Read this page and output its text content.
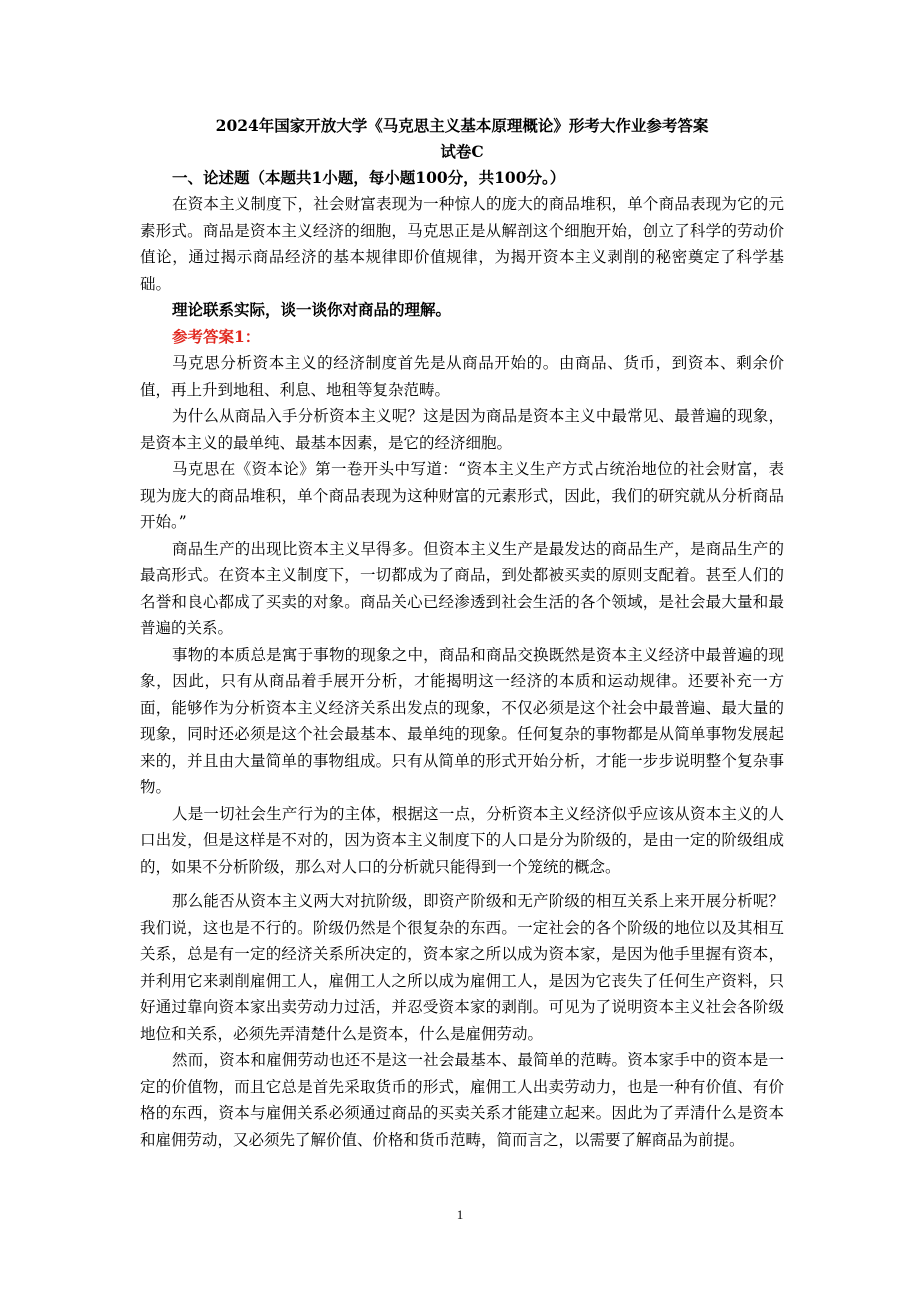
2024年国家开放大学《马克思主义基本原理概论》形考大作业参考答案
试卷C
一、论述题（本题共1小题，每小题100分，共100分。）

在资本主义制度下，社会财富表现为一种惊人的庞大的商品堆积，单个商品表现为它的元素形式。商品是资本主义经济的细胞，马克思正是从解剖这个细胞开始，创立了科学的劳动价值论，通过揭示商品经济的基本规律即价值规律，为揭开资本主义剥削的秘密奠定了科学基础。

理论联系实际，谈一谈你对商品的理解。

参考答案1：

马克思分析资本主义的经济制度首先是从商品开始的。由商品、货币，到资本、剩余价值，再上升到地租、利息、地租等复杂范畴。

为什么从商品入手分析资本主义呢？这是因为商品是资本主义中最常见、最普遍的现象，是资本主义的最单纯、最基本因素，是它的经济细胞。

马克思在《资本论》第一卷开头中写道：“资本主义生产方式占统治地位的社会财富，表现为庞大的商品堆积，单个商品表现为这种财富的元素形式，因此，我们的研究就从分析商品开始。”

商品生产的出现比资本主义早得多。但资本主义生产是最发达的商品生产，是商品生产的最高形式。在资本主义制度下，一切都成为了商品，到处都被买卖的原则支配着。甚至人们的名誉和良心都成了买卖的对象。商品关心已经渗透到社会生活的各个领域，是社会最大量和最普遍的关系。

事物的本质总是寓于事物的现象之中，商品和商品交换既然是资本主义经济中最普遍的现象，因此，只有从商品着手展开分析，才能揭明这一经济的本质和运动规律。还要补充一方面，能够作为分析资本主义经济关系出发点的现象，不仅必须是这个社会中最普遍、最大量的现象，同时还必须是这个社会最基本、最单纯的现象。任何复杂的事物都是从简单事物发展起来的，并且由大量简单的事物组成。只有从简单的形式开始分析，才能一步步说明整个复杂事物。

人是一切社会生产行为的主体，根据这一点，分析资本主义经济似乎应该从资本主义的人口出发，但是这样是不对的，因为资本主义制度下的人口是分为阶级的，是由一定的阶级组成的，如果不分析阶级，那么对人口的分析就只能得到一个笼统的概念。

那么能否从资本主义两大对抗阶级，即资产阶级和无产阶级的相互关系上来开展分析呢？我们说，这也是不行的。阶级仍然是个很复杂的东西。一定社会的各个阶级的地位以及其相互关系，总是有一定的经济关系所决定的，资本家之所以成为资本家，是因为他手里握有资本，并利用它来剥削雇佣工人，雇佣工人之所以成为雇佣工人，是因为它丧失了任何生产资料，只好通过靠向资本家出卖劳动力过活，并忍受资本家的剥削。可见为了说明资本主义社会各阶级地位和关系，必须先弄清楚什么是资本，什么是雇佣劳动。

然而，资本和雇佣劳动也还不是这一社会最基本、最简单的范畴。资本家手中的资本是一定的价值物，而且它总是首先采取货币的形式，雇佣工人出卖劳动力，也是一种有价值、有价格的东西，资本与雇佣关系必须通过商品的买卖关系才能建立起来。因此为了弄清什么是资本和雇佣劳动，又必须先了解价值、价格和货币范畴，简而言之，以需要了解商品为前提。

1
